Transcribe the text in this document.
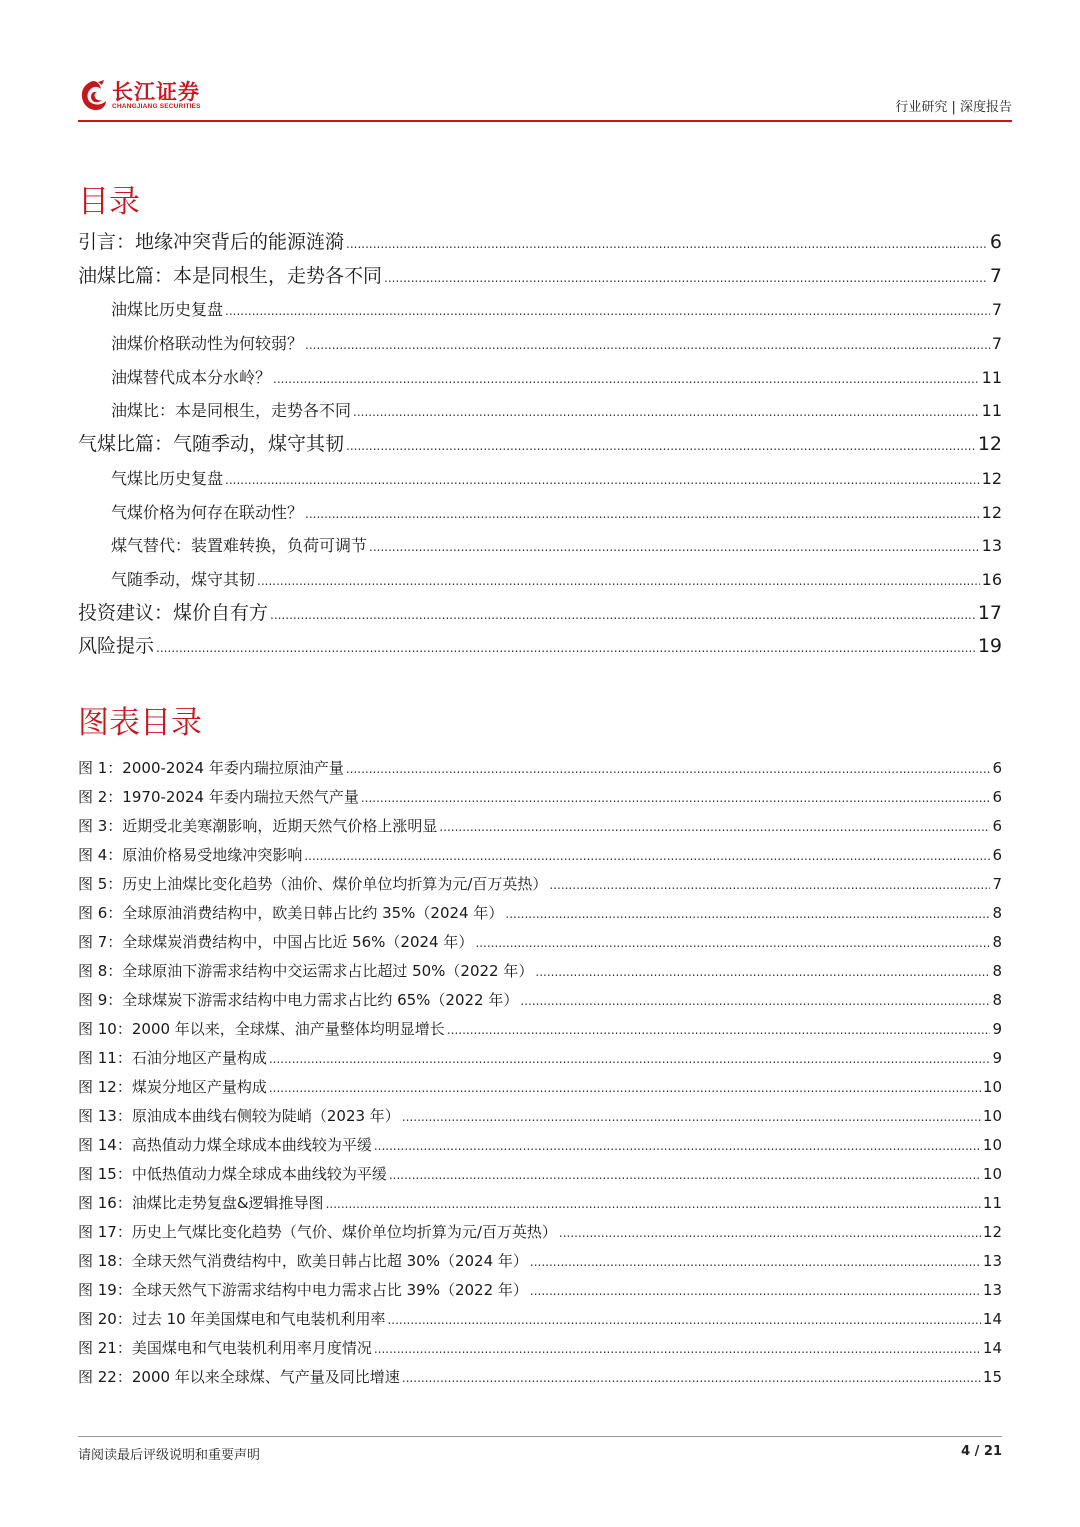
长江证券
CHANGJIANG SECURITIES	行业研究 | 深度报告
目录
引言：地缘冲突背后的能源涟漪 .....	6
油煤比篇：本是同根生，走势各不同 .....	7
油煤比历史复盘 .....	7
油煤价格联动性为何较弱？ .....	7
油煤替代成本分水岭？ .....	11
油煤比：本是同根生，走势各不同 .....	11
气煤比篇：气随季动，煤守其韧 .....	12
气煤比历史复盘 .....	12
气煤价格为何存在联动性？ .....	12
煤气替代：装置难转换，负荷可调节 .....	13
气随季动，煤守其韧 .....	16
投资建议：煤价自有方 .....	17
风险提示 .....	19
图表目录
图 1：2000-2024 年委内瑞拉原油产量 .....	6
图 2：1970-2024 年委内瑞拉天然气产量 .....	6
图 3：近期受北美寒潮影响，近期天然气价格上涨明显 .....	6
图 4：原油价格易受地缘冲突影响 .....	6
图 5：历史上油煤比变化趋势（油价、煤价单位均折算为元/百万英热） .....	7
图 6：全球原油消费结构中，欧美日韩占比约 35%（2024 年） .....	8
图 7：全球煤炭消费结构中，中国占比近 56%（2024 年） .....	8
图 8：全球原油下游需求结构中交运需求占比超过 50%（2022 年） .....	8
图 9：全球煤炭下游需求结构中电力需求占比约 65%（2022 年） .....	8
图 10：2000 年以来，全球煤、油产量整体均明显增长 .....	9
图 11：石油分地区产量构成 .....	9
图 12：煤炭分地区产量构成 .....	10
图 13：原油成本曲线右侧较为陡峭（2023 年） .....	10
图 14：高热值动力煤全球成本曲线较为平缓 .....	10
图 15：中低热值动力煤全球成本曲线较为平缓 .....	10
图 16：油煤比走势复盘&逻辑推导图 .....	11
图 17：历史上气煤比变化趋势（气价、煤价单位均折算为元/百万英热） .....	12
图 18：全球天然气消费结构中，欧美日韩占比超 30%（2024 年） .....	13
图 19：全球天然气下游需求结构中电力需求占比 39%（2022 年） .....	13
图 20：过去 10 年美国煤电和气电装机利用率 .....	14
图 21：美国煤电和气电装机利用率月度情况 .....	14
图 22：2000 年以来全球煤、气产量及同比增速 .....	15
请阅读最后评级说明和重要声明	4 / 21
